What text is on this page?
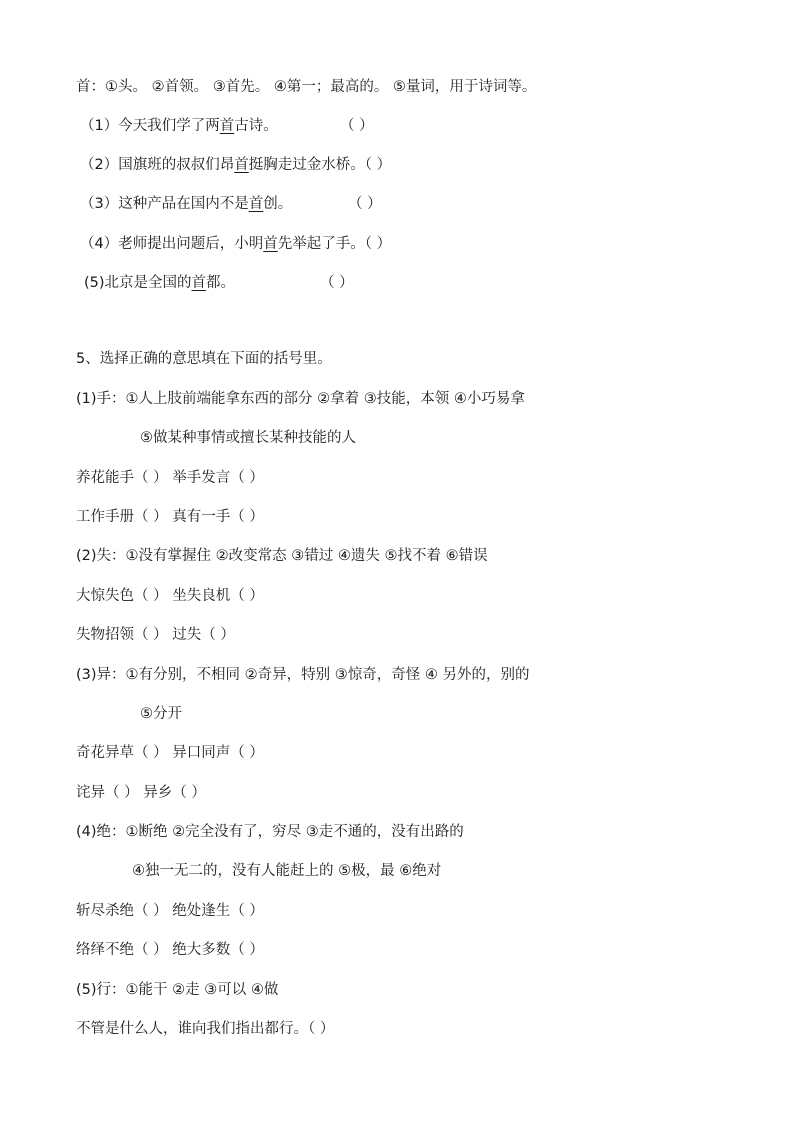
首：①头。 ②首领。 ③首先。 ④第一；最高的。 ⑤量词，用于诗词等。
（1）今天我们学了两首古诗。	（ ）
（2）国旗班的叔叔们昂首挺胸走过金水桥。（ ）
（3）这种产品在国内不是首创。	（ ）
（4）老师提出问题后，小明首先举起了手。（ ）
(5)北京是全国的首都。	（ ）
5、选择正确的意思填在下面的括号里。
(1)手：①人上肢前端能拿东西的部分 ②拿着 ③技能，本领 ④小巧易拿
⑤做某种事情或擅长某种技能的人
养花能手（ ） 举手发言（ ）
工作手册（ ） 真有一手（ ）
(2)失：①没有掌握住 ②改变常态 ③错过 ④遗失 ⑤找不着 ⑥错误
大惊失色（ ） 坐失良机（ ）
失物招领（ ） 过失（ ）
(3)异：①有分别，不相同 ②奇异，特别 ③惊奇，奇怪 ④ 另外的，别的
⑤分开
奇花异草（ ） 异口同声（ ）
诧异（ ） 异乡（ ）
(4)绝：①断绝 ②完全没有了，穷尽 ③走不通的，没有出路的
④独一无二的，没有人能赶上的 ⑤极，最 ⑥绝对
斩尽杀绝（ ） 绝处逢生（ ）
络绎不绝（ ） 绝大多数（ ）
(5)行：①能干 ②走 ③可以 ④做
不管是什么人，谁向我们指出都行。（ ）
